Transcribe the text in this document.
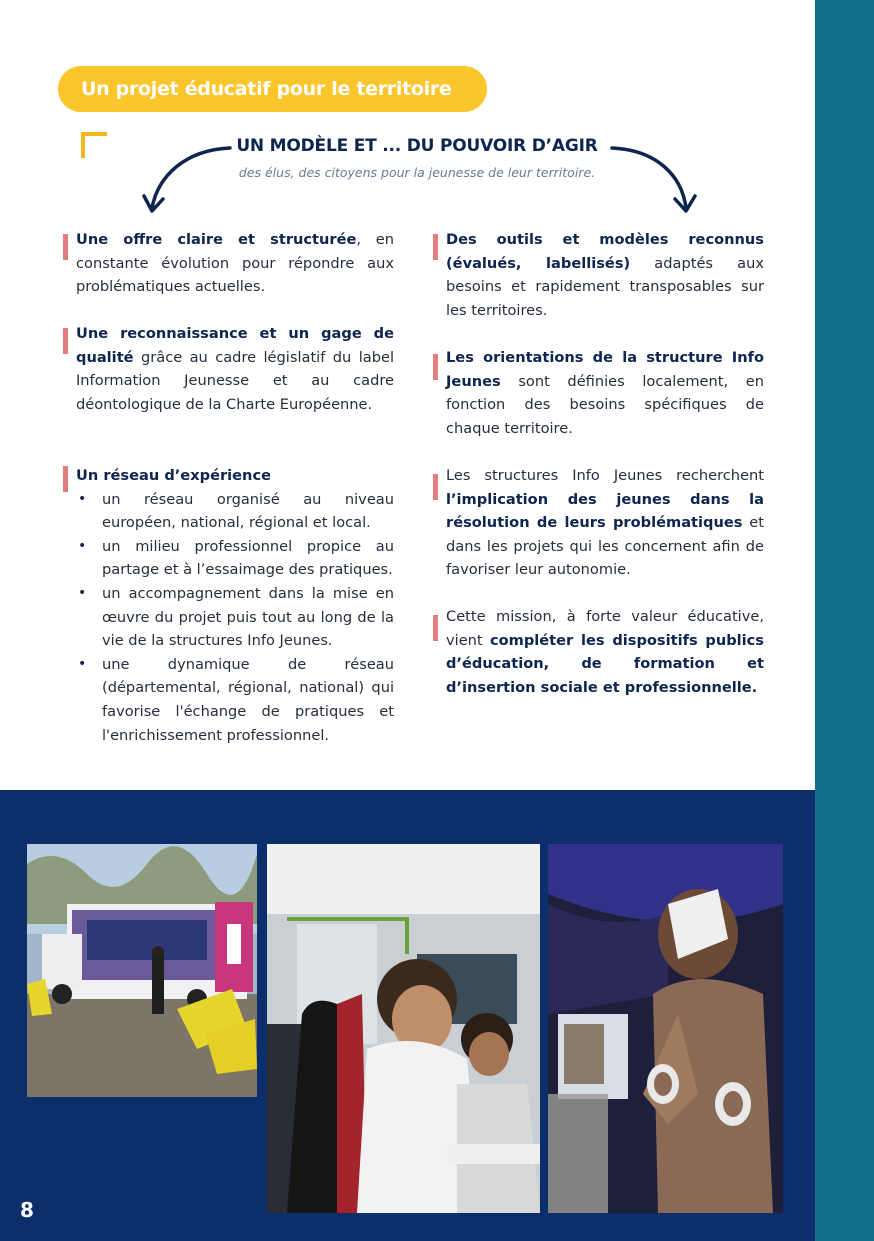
Un projet éducatif pour le territoire
UN MODÈLE ET ... DU POUVOIR D’AGIR
des élus, des citoyens pour la jeunesse de leur territoire.

Une offre claire et structurée, en constante évolution pour répondre aux problématiques actuelles.

Une reconnaissance et un gage de qualité grâce au cadre législatif du label Information Jeunesse et au cadre déontologique de la Charte Européenne.

Un réseau d’expérience

• un réseau organisé au niveau européen, national, régional et local.
• un milieu professionnel propice au partage et à l’essaimage des pratiques.
• un accompagnement dans la mise en œuvre du projet puis tout au long de la vie de la structures Info Jeunes.
• une dynamique de réseau (départemental, régional, national) qui favorise l'échange de pratiques et l'enrichissement professionnel.

Des outils et modèles reconnus (évalués, labellisés) adaptés aux besoins et rapidement transposables sur les territoires.

Les orientations de la structure Info Jeunes sont définies localement, en fonction des besoins spécifiques de chaque territoire.

Les structures Info Jeunes recherchent l’implication des jeunes dans la résolution de leurs problématiques et dans les projets qui les concernent afin de favoriser leur autonomie.

Cette mission, à forte valeur éducative, vient compléter les dispositifs publics d’éducation, de formation et d’insertion sociale et professionnelle.

8
